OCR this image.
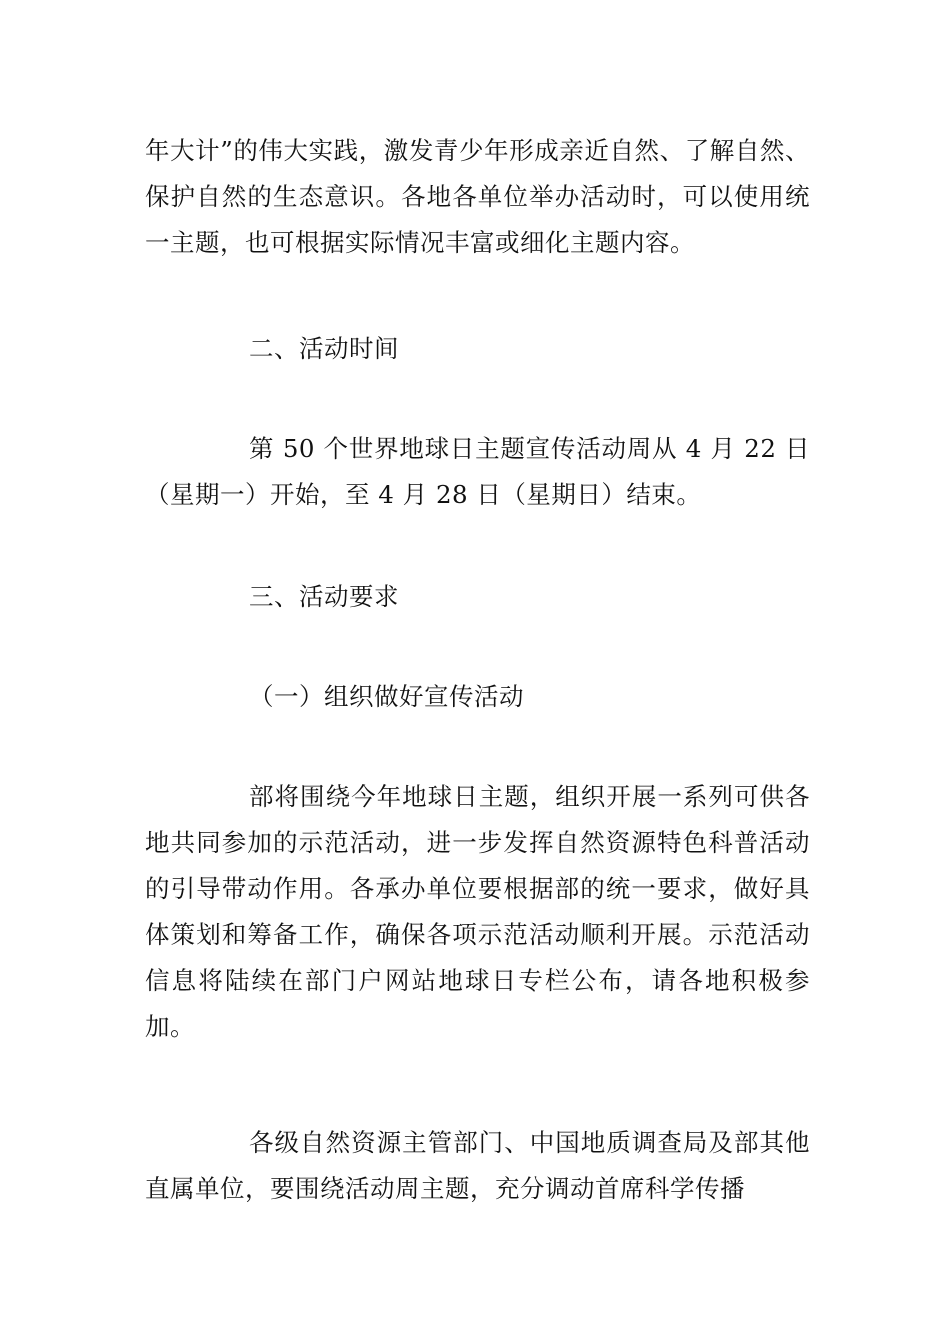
年大计”的伟大实践，激发青少年形成亲近自然、了解自然、保护自然的生态意识。各地各单位举办活动时，可以使用统一主题，也可根据实际情况丰富或细化主题内容。

二、活动时间

第 50 个世界地球日主题宣传活动周从 4 月 22 日（星期一）开始，至 4 月 28 日（星期日）结束。

三、活动要求

（一）组织做好宣传活动

部将围绕今年地球日主题，组织开展一系列可供各地共同参加的示范活动，进一步发挥自然资源特色科普活动的引导带动作用。各承办单位要根据部的统一要求，做好具体策划和筹备工作，确保各项示范活动顺利开展。示范活动信息将陆续在部门户网站地球日专栏公布，请各地积极参加。

各级自然资源主管部门、中国地质调查局及部其他直属单位，要围绕活动周主题，充分调动首席科学传播
